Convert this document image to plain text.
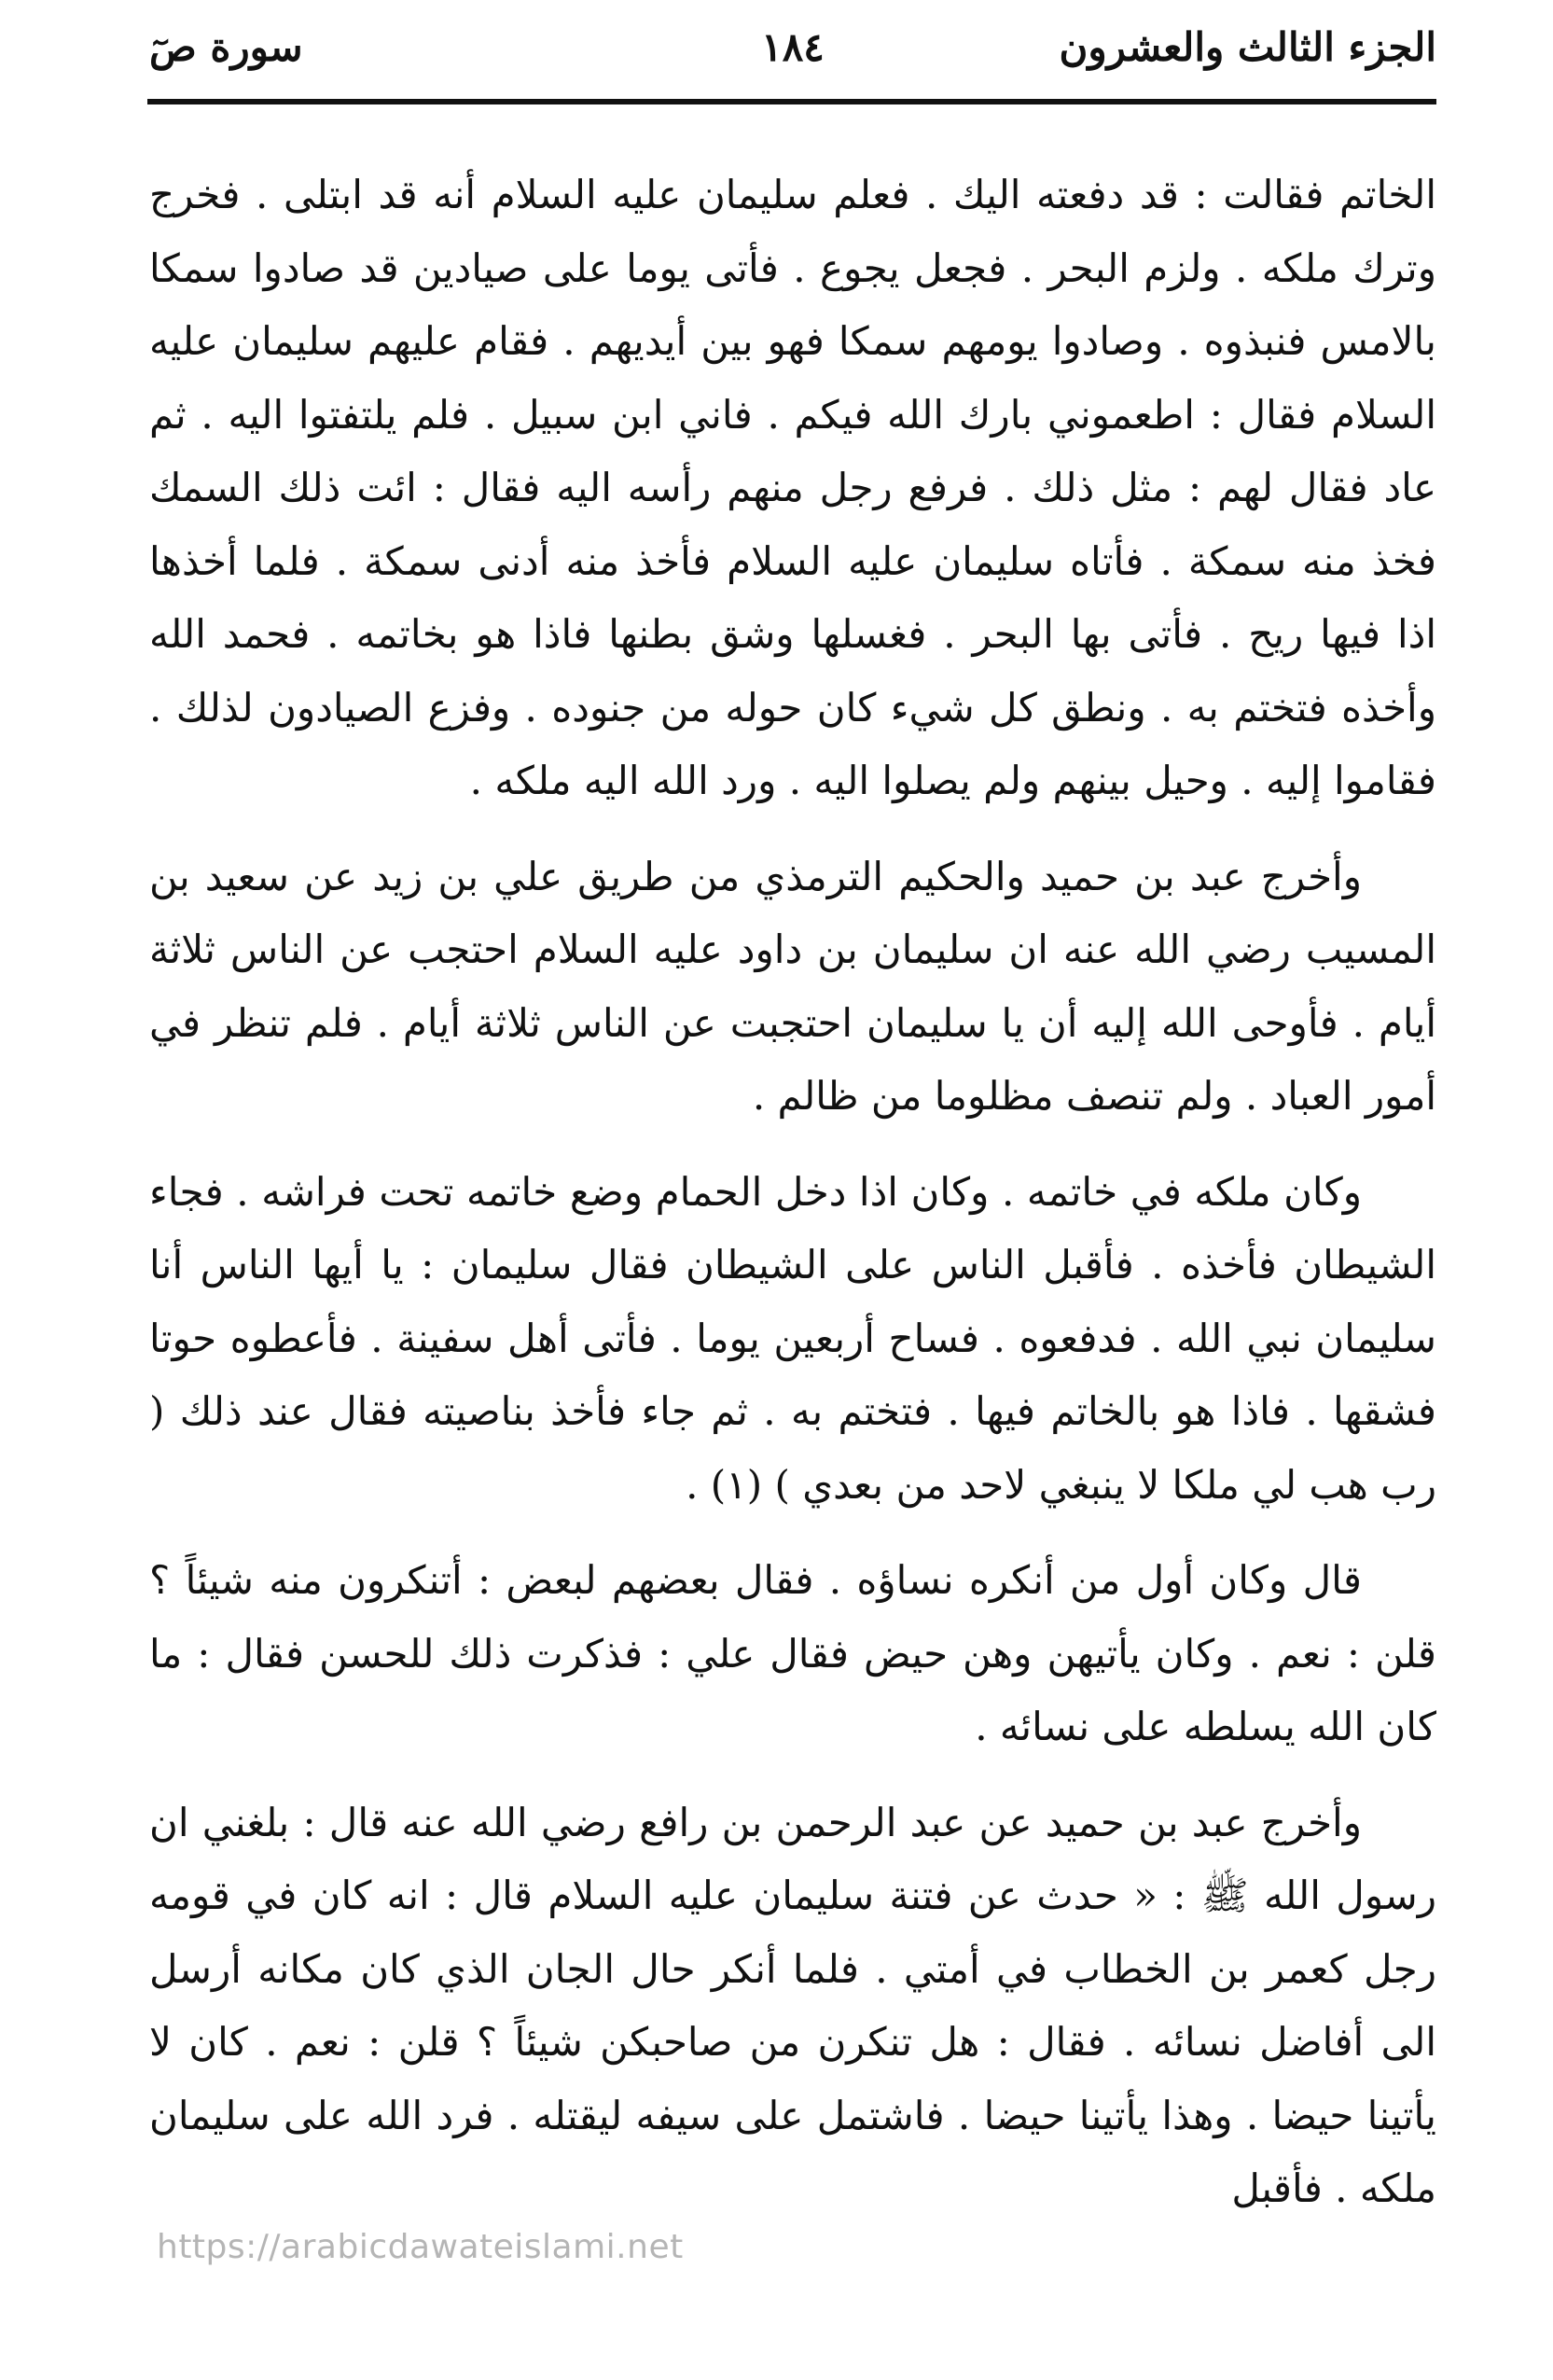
الجزء الثالث والعشرون
١٨٤
سورة صٓ

الخاتم فقالت : قد دفعته اليك . فعلم سليمان عليه السلام أنه قد ابتلى . فخرج وترك ملكه . ولزم البحر . فجعل يجوع . فأتى يوما على صيادين قد صادوا سمكا بالامس فنبذوه . وصادوا يومهم سمكا فهو بين أيديهم . فقام عليهم سليمان عليه السلام فقال : اطعموني بارك الله فيكم . فاني ابن سبيل . فلم يلتفتوا اليه . ثم عاد فقال لهم : مثل ذلك . فرفع رجل منهم رأسه اليه فقال : ائت ذلك السمك فخذ منه سمكة . فأتاه سليمان عليه السلام فأخذ منه أدنى سمكة . فلما أخذها اذا فيها ريح . فأتى بها البحر . فغسلها وشق بطنها فاذا هو بخاتمه . فحمد الله وأخذه فتختم به . ونطق كل شيء كان حوله من جنوده . وفزع الصيادون لذلك . فقاموا إليه . وحيل بينهم ولم يصلوا اليه . ورد الله اليه ملكه .

وأخرج عبد بن حميد والحكيم الترمذي من طريق علي بن زيد عن سعيد بن المسيب رضي الله عنه ان سليمان بن داود عليه السلام احتجب عن الناس ثلاثة أيام . فأوحى الله إليه أن يا سليمان احتجبت عن الناس ثلاثة أيام . فلم تنظر في أمور العباد . ولم تنصف مظلوما من ظالم .

وكان ملكه في خاتمه . وكان اذا دخل الحمام وضع خاتمه تحت فراشه . فجاء الشيطان فأخذه . فأقبل الناس على الشيطان فقال سليمان : يا أيها الناس أنا سليمان نبي الله . فدفعوه . فساح أربعين يوما . فأتى أهل سفينة . فأعطوه حوتا فشقها . فاذا هو بالخاتم فيها . فتختم به . ثم جاء فأخذ بناصيته فقال عند ذلك ( رب هب لي ملكا لا ينبغي لاحد من بعدي ) (١) .

قال وكان أول من أنكره نساؤه . فقال بعضهم لبعض : أتنكرون منه شيئاً ؟ قلن : نعم . وكان يأتيهن وهن حيض فقال علي : فذكرت ذلك للحسن فقال : ما كان الله يسلطه على نسائه .

وأخرج عبد بن حميد عن عبد الرحمن بن رافع رضي الله عنه قال : بلغني ان رسول الله ﷺ : « حدث عن فتنة سليمان عليه السلام قال : انه كان في قومه رجل كعمر بن الخطاب في أمتي . فلما أنكر حال الجان الذي كان مكانه أرسل الى أفاضل نسائه . فقال : هل تنكرن من صاحبكن شيئاً ؟ قلن : نعم . كان لا يأتينا حيضا . وهذا يأتينا حيضا . فاشتمل على سيفه ليقتله . فرد الله على سليمان ملكه . فأقبل

https://arabicdawateislami.net
